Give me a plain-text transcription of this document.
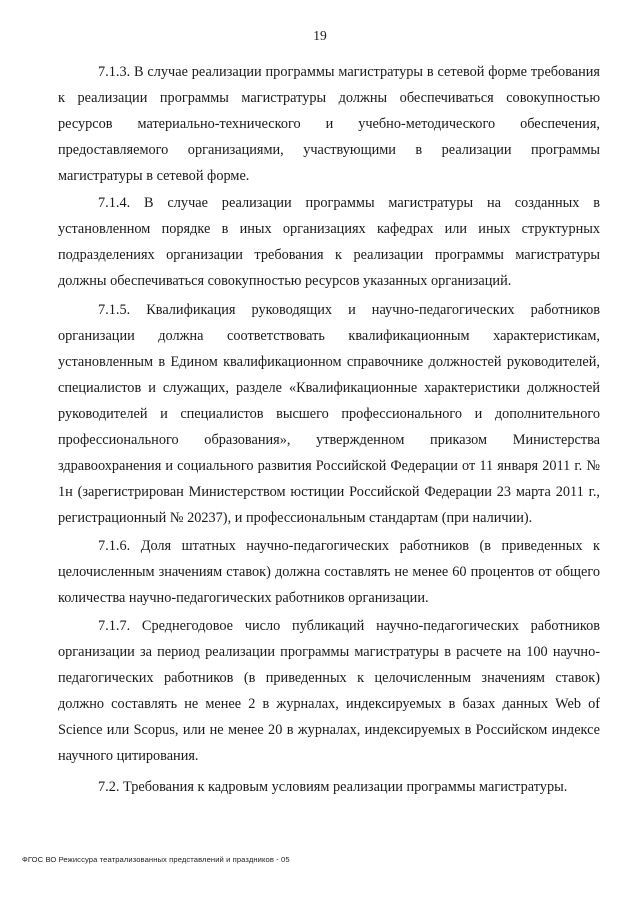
19

7.1.3. В случае реализации программы магистратуры в сетевой форме требования к реализации программы магистратуры должны обеспечиваться совокупностью ресурсов материально-технического и учебно-методического обеспечения, предоставляемого организациями, участвующими в реализации программы магистратуры в сетевой форме.

7.1.4. В случае реализации программы магистратуры на созданных в установленном порядке в иных организациях кафедрах или иных структурных подразделениях организации требования к реализации программы магистратуры должны обеспечиваться совокупностью ресурсов указанных организаций.

7.1.5. Квалификация руководящих и научно-педагогических работников организации должна соответствовать квалификационным характеристикам, установленным в Едином квалификационном справочнике должностей руководителей, специалистов и служащих, разделе «Квалификационные характеристики должностей руководителей и специалистов высшего профессионального и дополнительного профессионального образования», утвержденном приказом Министерства здравоохранения и социального развития Российской Федерации от 11 января 2011 г. № 1н (зарегистрирован Министерством юстиции Российской Федерации 23 марта 2011 г., регистрационный № 20237), и профессиональным стандартам (при наличии).

7.1.6. Доля штатных научно-педагогических работников (в приведенных к целочисленным значениям ставок) должна составлять не менее 60 процентов от общего количества научно-педагогических работников организации.

7.1.7. Среднегодовое число публикаций научно-педагогических работников организации за период реализации программы магистратуры в расчете на 100 научно-педагогических работников (в приведенных к целочисленным значениям ставок) должно составлять не менее 2 в журналах, индексируемых в базах данных Web of Science или Scopus, или не менее 20 в журналах, индексируемых в Российском индексе научного цитирования.

7.2. Требования к кадровым условиям реализации программы магистратуры.

ФГОС ВО Режиссура театрализованных представлений и праздников - 05
